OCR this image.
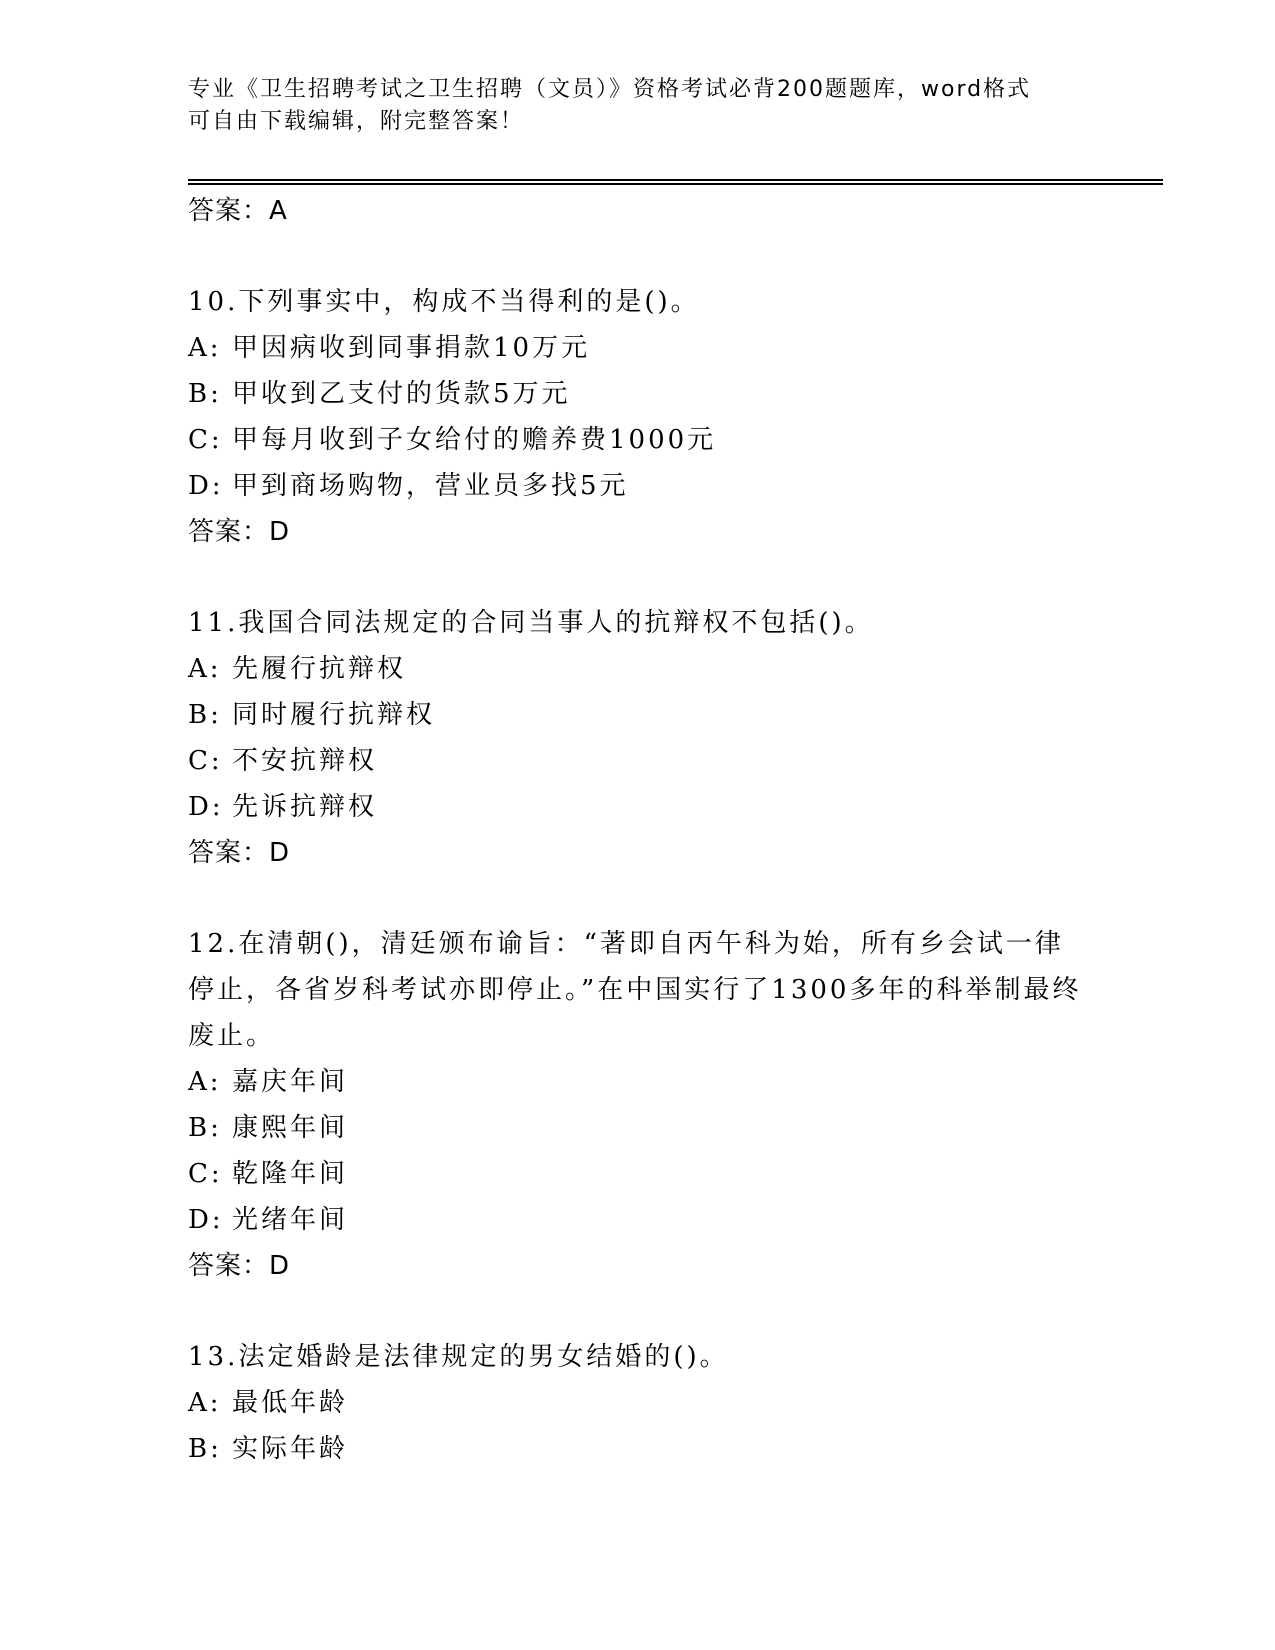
专业《卫生招聘考试之卫生招聘（文员）》资格考试必背200题题库，word格式
可自由下载编辑，附完整答案！
答案：A
10.下列事实中，构成不当得利的是()。
A: 甲因病收到同事捐款10万元
B: 甲收到乙支付的货款5万元
C: 甲每月收到子女给付的赡养费1000元
D: 甲到商场购物，营业员多找5元
答案：D
11.我国合同法规定的合同当事人的抗辩权不包括()。
A: 先履行抗辩权
B: 同时履行抗辩权
C: 不安抗辩权
D: 先诉抗辩权
答案：D
12.在清朝()，清廷颁布谕旨：“著即自丙午科为始，所有乡会试一律停止，各省岁科考试亦即停止。”在中国实行了1300多年的科举制最终废止。
A: 嘉庆年间
B: 康熙年间
C: 乾隆年间
D: 光绪年间
答案：D
13.法定婚龄是法律规定的男女结婚的()。
A: 最低年龄
B: 实际年龄
